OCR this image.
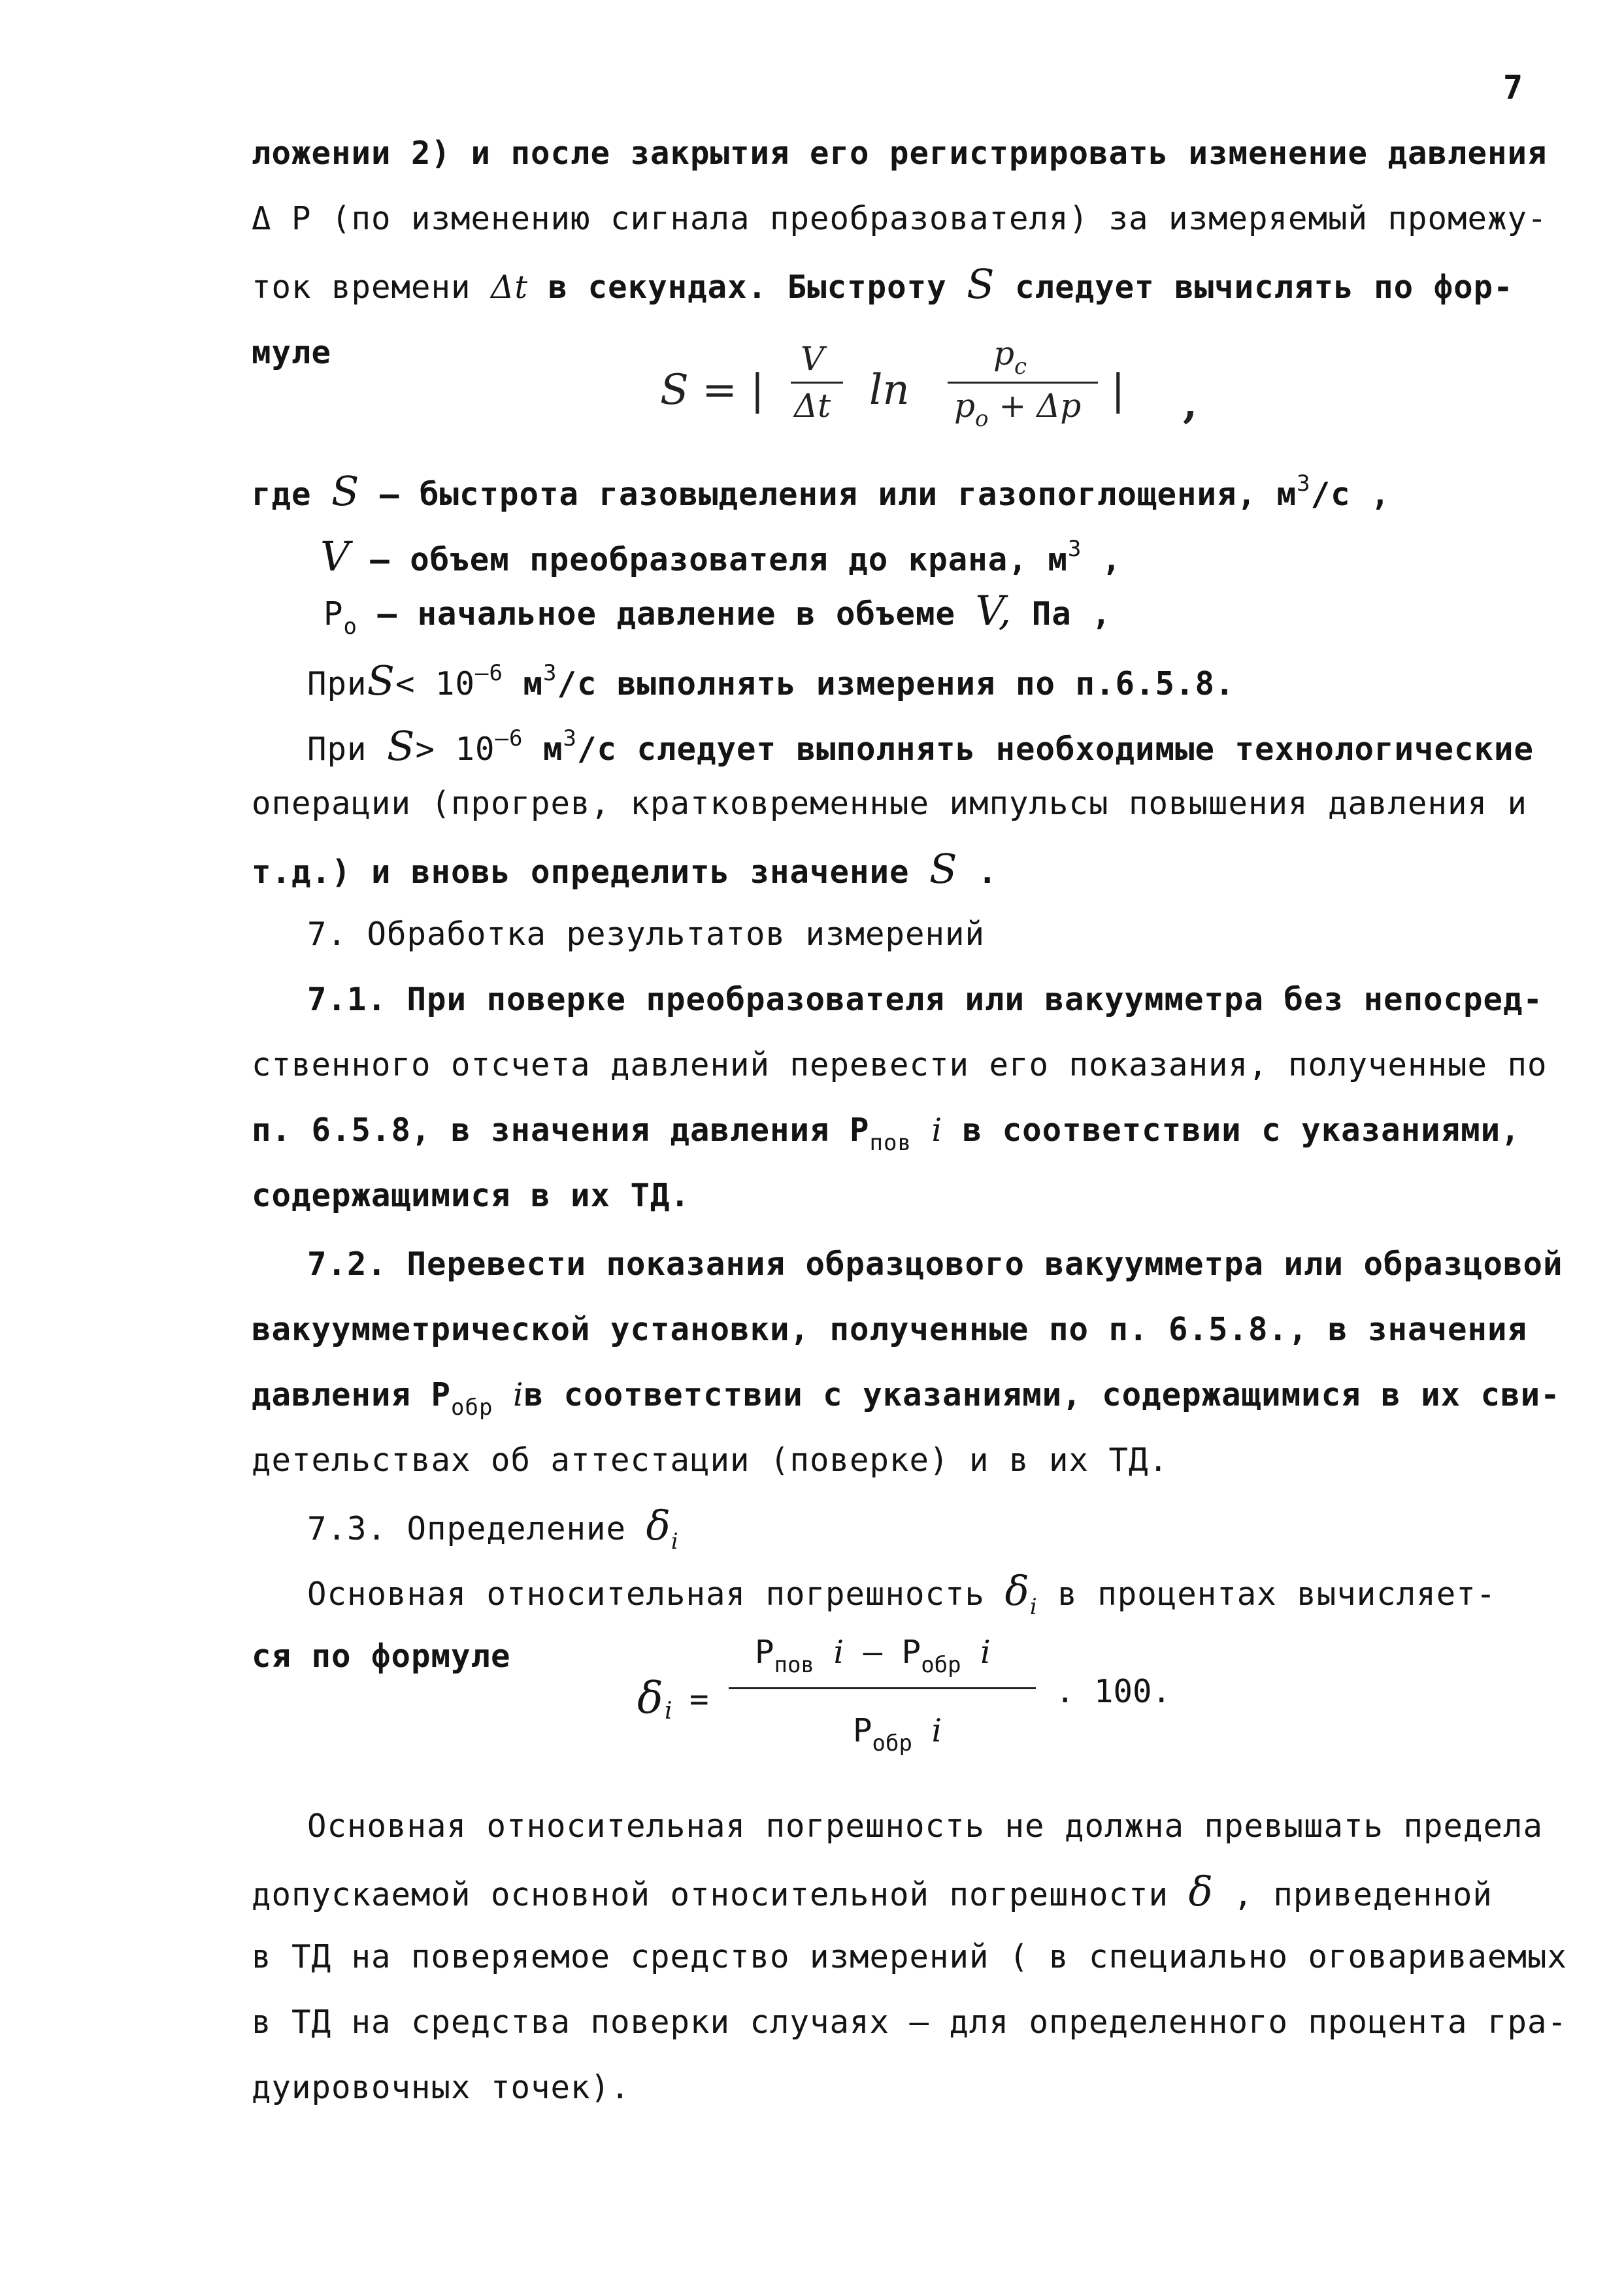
7
ложении 2) и после закрытия его регистрировать изменение давления
Δ Р (по изменению сигнала преобразователя) за измеряемый промежу-
ток времени Δt в секундах. Быстроту S следует вычислять по фор-
муле
S = |
V
Δt ln
$p_c$
$p_o + \Delta p$ | ,
где S – быстрота газовыделения или газопоглощения, $м^3/с$ ,
V – объем преобразователя до крана, $м^3$ ,
$Р_о$ – начальное давление в объеме V, Па ,
ПриS< $10^{-6}$ $м^3/с$ выполнять измерения по п.6.5.8.
При $S> 10^{-6}$ $м^3/с$ следует выполнять необходимые технологические
операции (прогрев, кратковременные импульсы повышения давления и
т.д.) и вновь определить значение S .
7. Обработка результатов измерений
7.1. При поверке преобразователя или вакуумметра без непосред-
ственного отсчета давлений перевести его показания, полученные по
п. 6.5.8, в значения давления $Р_{пов}$ i в соответствии с указаниями,
содержащимися в их ТД.
7.2. Перевести показания образцового вакуумметра или образцовой
вакуумметрической установки, полученные по п. 6.5.8., в значения
давления $Р_{обр}$ iв соответствии с указаниями, содержащимися в их сви-
детельствах об аттестации (поверке) и в их ТД.
7.3. Определение $\delta_i$
Основная относительная погрешность $\delta_i$ в процентах вычисляет-
ся по формуле
δ i =
$Р_{пов}$ i – $Р_{обр}$ i
$Р_{обр}$ i
. 100.
Основная относительная погрешность не должна превышать предела
допускаемой основной относительной погрешности δ , приведенной
в ТД на поверяемое средство измерений ( в специально оговариваемых
в ТД на средства поверки случаях – для определенного процента гра-
дуировочных точек).
